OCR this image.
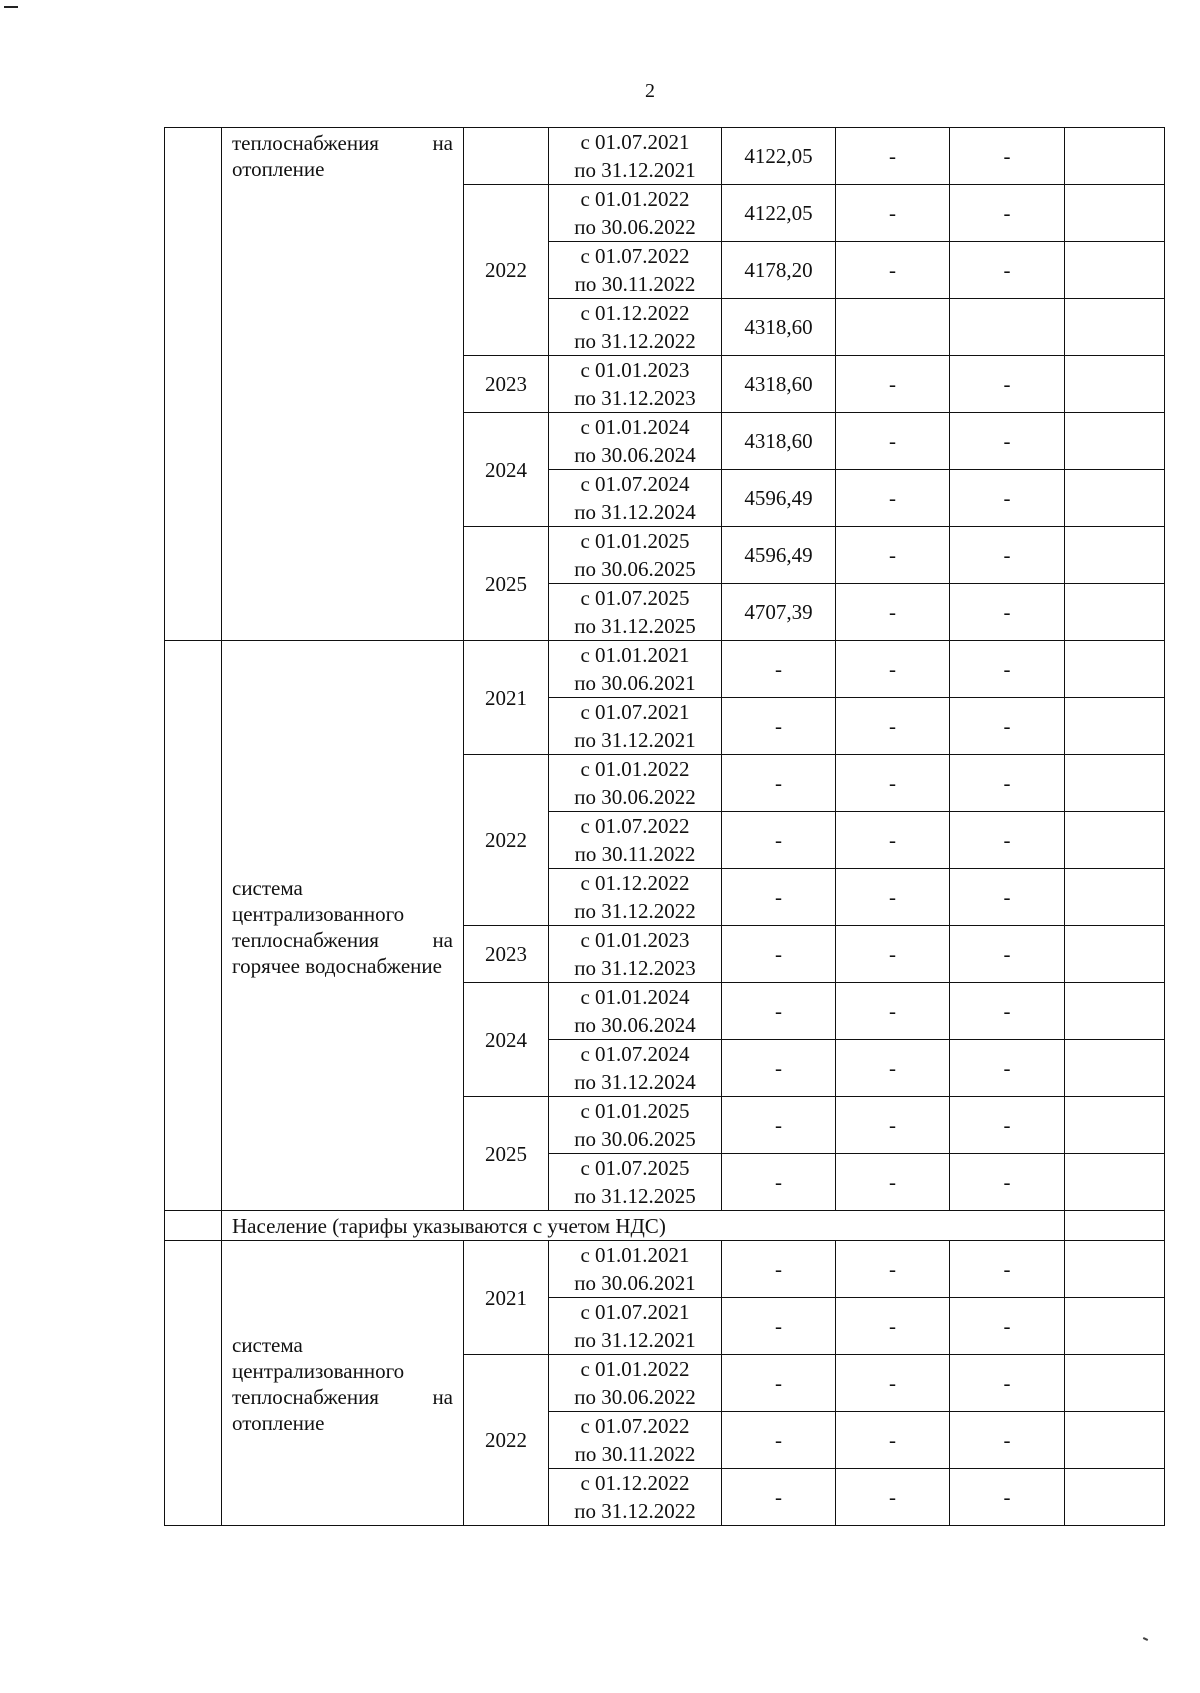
2

	теплоснабжения на отопление		с 01.07.2021
по 31.12.2021	4122,05	-	-	
		2022	с 01.01.2022
по 30.06.2022	4122,05	-	-	

			с 01.07.2022
по 30.11.2022	4178,20	-	-	

			с 01.12.2022
по 31.12.2022	4318,60			
		2023	с 01.01.2023
по 31.12.2023	4318,60	-	-	
		2024	с 01.01.2024
по 30.06.2024	4318,60	-	-	

			с 01.07.2024
по 31.12.2024	4596,49	-	-	
		2025	с 01.01.2025
по 30.06.2025	4596,49	-	-	

			с 01.07.2025
по 31.12.2025	4707,39	-	-	

	система централизованного теплоснабжения на горячее водоснабжение	2021	с 01.01.2021
по 30.06.2021	-	-	-	

			с 01.07.2021
по 31.12.2021	-	-	-	
		2022	с 01.01.2022
по 30.06.2022	-	-	-	

			с 01.07.2022
по 30.11.2022	-	-	-	

			с 01.12.2022
по 31.12.2022	-	-	-	
		2023	с 01.01.2023
по 31.12.2023	-	-	-	
		2024	с 01.01.2024
по 30.06.2024	-	-	-	

			с 01.07.2024
по 31.12.2024	-	-	-	
		2025	с 01.01.2025
по 30.06.2025	-	-	-	

			с 01.07.2025
по 31.12.2025	-	-	-	
	Население (тарифы указываются с учетом НДС)						

	система централизованного теплоснабжения на отопление	2021	с 01.01.2021
по 30.06.2021	-	-	-	

			с 01.07.2021
по 31.12.2021	-	-	-	
		2022	с 01.01.2022
по 30.06.2022	-	-	-	

			с 01.07.2022
по 30.11.2022	-	-	-	

			с 01.12.2022
по 31.12.2022	-	-	-	
